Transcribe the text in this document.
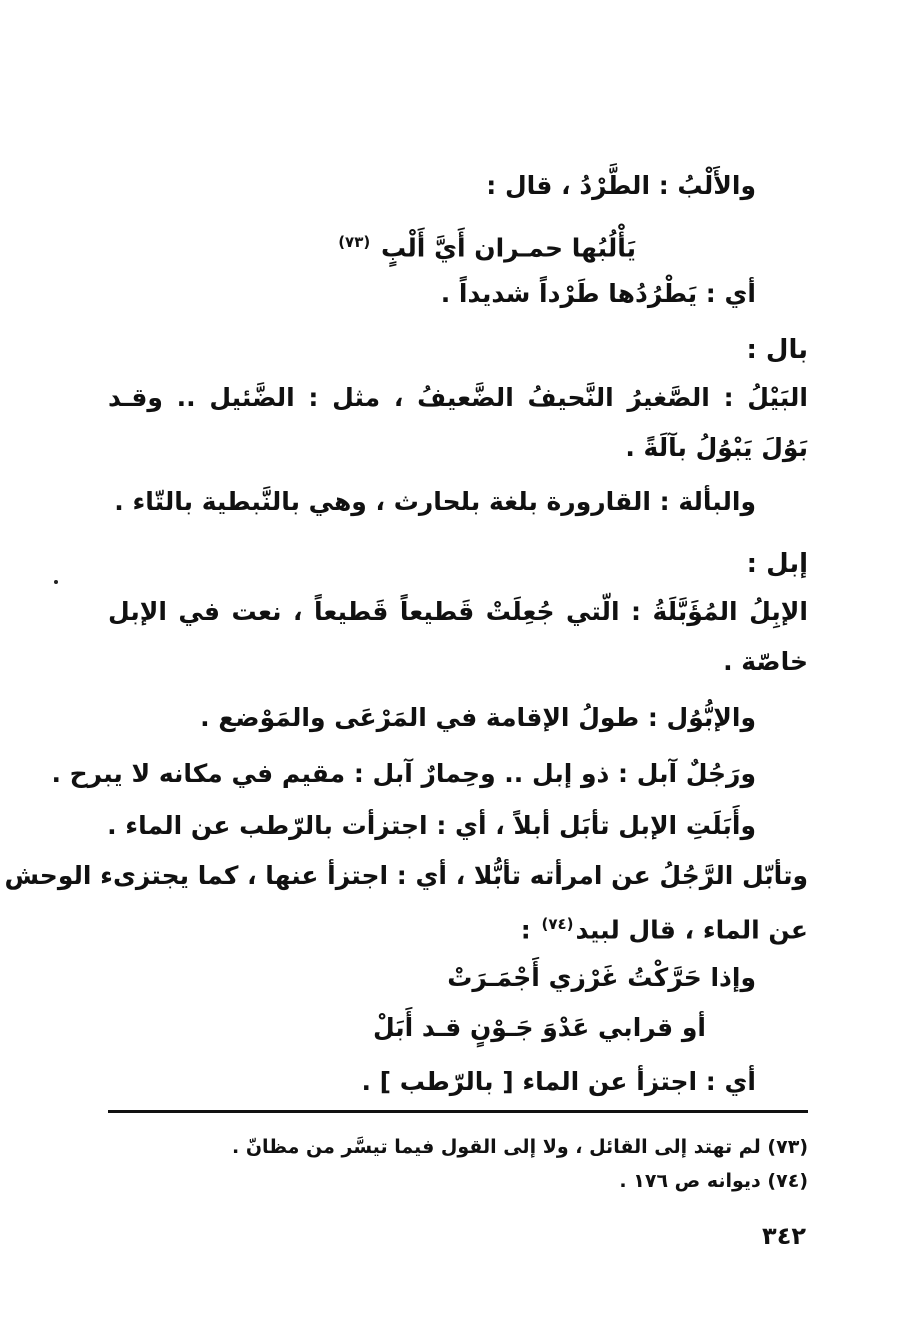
والأَلْبُ : الطَّرْدُ ، قال :
يَأْلُبُها حمـران أَيَّ أَلْبٍ $^{(٧٣)}$
أي : يَطْرُدُها طَرْداً شديداً .
بال :
البَيْلُ : الصَّغيرُ النَّحيفُ الضَّعيفُ ، مثل : الضَّئيل .. وقـد
بَوُلَ يَبْوُلُ بآلَةً .
والبألة : القارورة بلغة بلحارث ، وهي بالنَّبطية بالتّاء .
إبل :
الإبِلُ المُؤَبَّلَةُ : الّتي جُعِلَتْ قَطيعاً قَطيعاً ، نعت في الإبل
خاصّة .
والإبُّوُل : طولُ الإقامة في المَرْعَى والمَوْضع .
ورَجُلٌ آبل : ذو إبل .. وحِمارٌ آبل : مقيم في مكانه لا يبرح .
وأَبَلَتِ الإبل تأبَل أبلاً ، أي : اجتزأت بالرّطب عن الماء .
وتأبّل الرَّجُلُ عن امرأته تأبُّلا ، أي : اجتزأ عنها ، كما يجتزىء الوحش
عن الماء ، قال لبيد$^{(٧٤)}$ :
وإذا حَرَّكْتُ غَرْزي أَجْمَـرَتْ
أو قرابي عَدْوَ جَـوْنٍ قـد أَبَلْ
أي : اجتزأ عن الماء [ بالرّطب ] .
(٧٣) لم تهتد إلى القائل ، ولا إلى القول فيما تيسَّر من مظانّ .
(٧٤) ديوانه ص ١٧٦ .
٣٤٢
